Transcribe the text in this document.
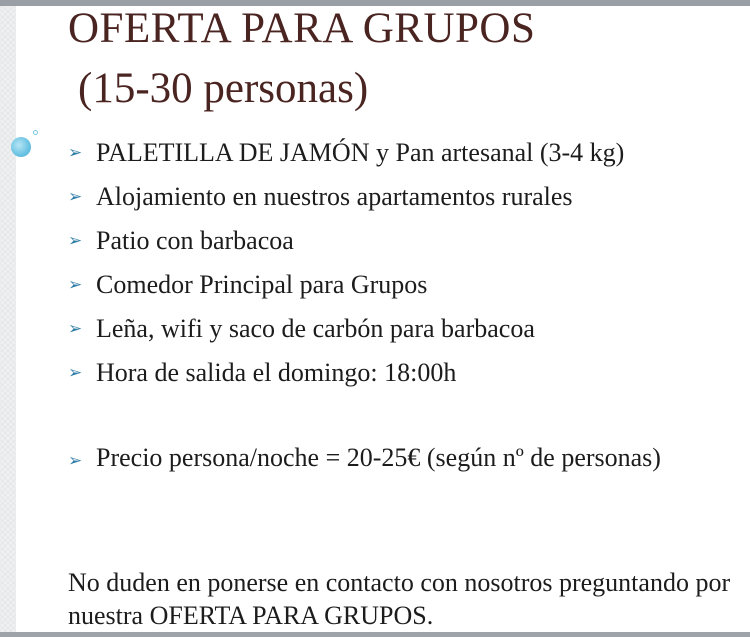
OFERTA PARA GRUPOS
(15-30 personas)
➢ PALETILLA DE JAMÓN y Pan artesanal (3-4 kg)
➢ Alojamiento en nuestros apartamentos rurales
➢ Patio con barbacoa
➢ Comedor Principal para Grupos
➢ Leña, wifi y saco de carbón para barbacoa
➢ Hora de salida el domingo: 18:00h

➢ Precio persona/noche = 20-25€ (según nº de personas)

No duden en ponerse en contacto con nosotros preguntando por nuestra OFERTA PARA GRUPOS.
